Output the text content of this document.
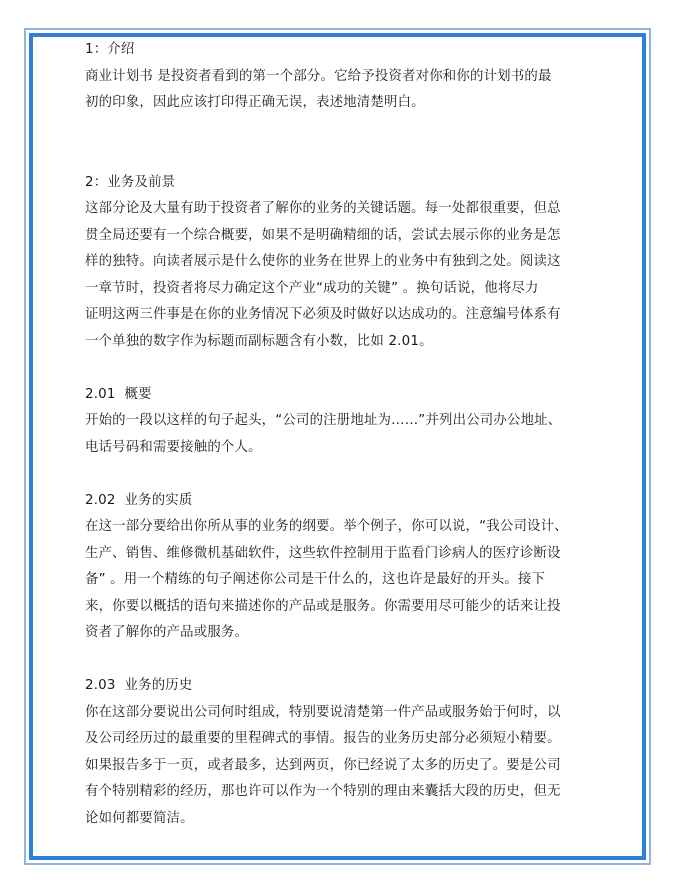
1：介绍
商业计划书 是投资者看到的第一个部分。它给予投资者对你和你的计划书的最
初的印象，因此应该打印得正确无误，表述地清楚明白。
2：业务及前景
这部分论及大量有助于投资者了解你的业务的关键话题。每一处都很重要，但总
贯全局还要有一个综合概要，如果不是明确精细的话，尝试去展示你的业务是怎
样的独特。向读者展示是什么使你的业务在世界上的业务中有独到之处。阅读这
一章节时，投资者将尽力确定这个产业“成功的关键” 。换句话说，他将尽力
证明这两三件事是在你的业务情况下必须及时做好以达成功的。注意编号体系有
一个单独的数字作为标题而副标题含有小数，比如 2.01。
2.01  概要
开始的一段以这样的句子起头，“公司的注册地址为……”并列出公司办公地址、
电话号码和需要接触的个人。
2.02  业务的实质
在这一部分要给出你所从事的业务的纲要。举个例子，你可以说，“我公司设计、
生产、销售、维修微机基础软件，这些软件控制用于监看门诊病人的医疗诊断设
备” 。用一个精练的句子阐述你公司是干什么的，这也许是最好的开头。接下
来，你要以概括的语句来描述你的产品或是服务。你需要用尽可能少的话来让投
资者了解你的产品或服务。
2.03  业务的历史
你在这部分要说出公司何时组成，特别要说清楚第一件产品或服务始于何时，以
及公司经历过的最重要的里程碑式的事情。报告的业务历史部分必须短小精要。
如果报告多于一页，或者最多，达到两页，你已经说了太多的历史了。要是公司
有个特别精彩的经历，那也许可以作为一个特别的理由来囊括大段的历史，但无
论如何都要简洁。
